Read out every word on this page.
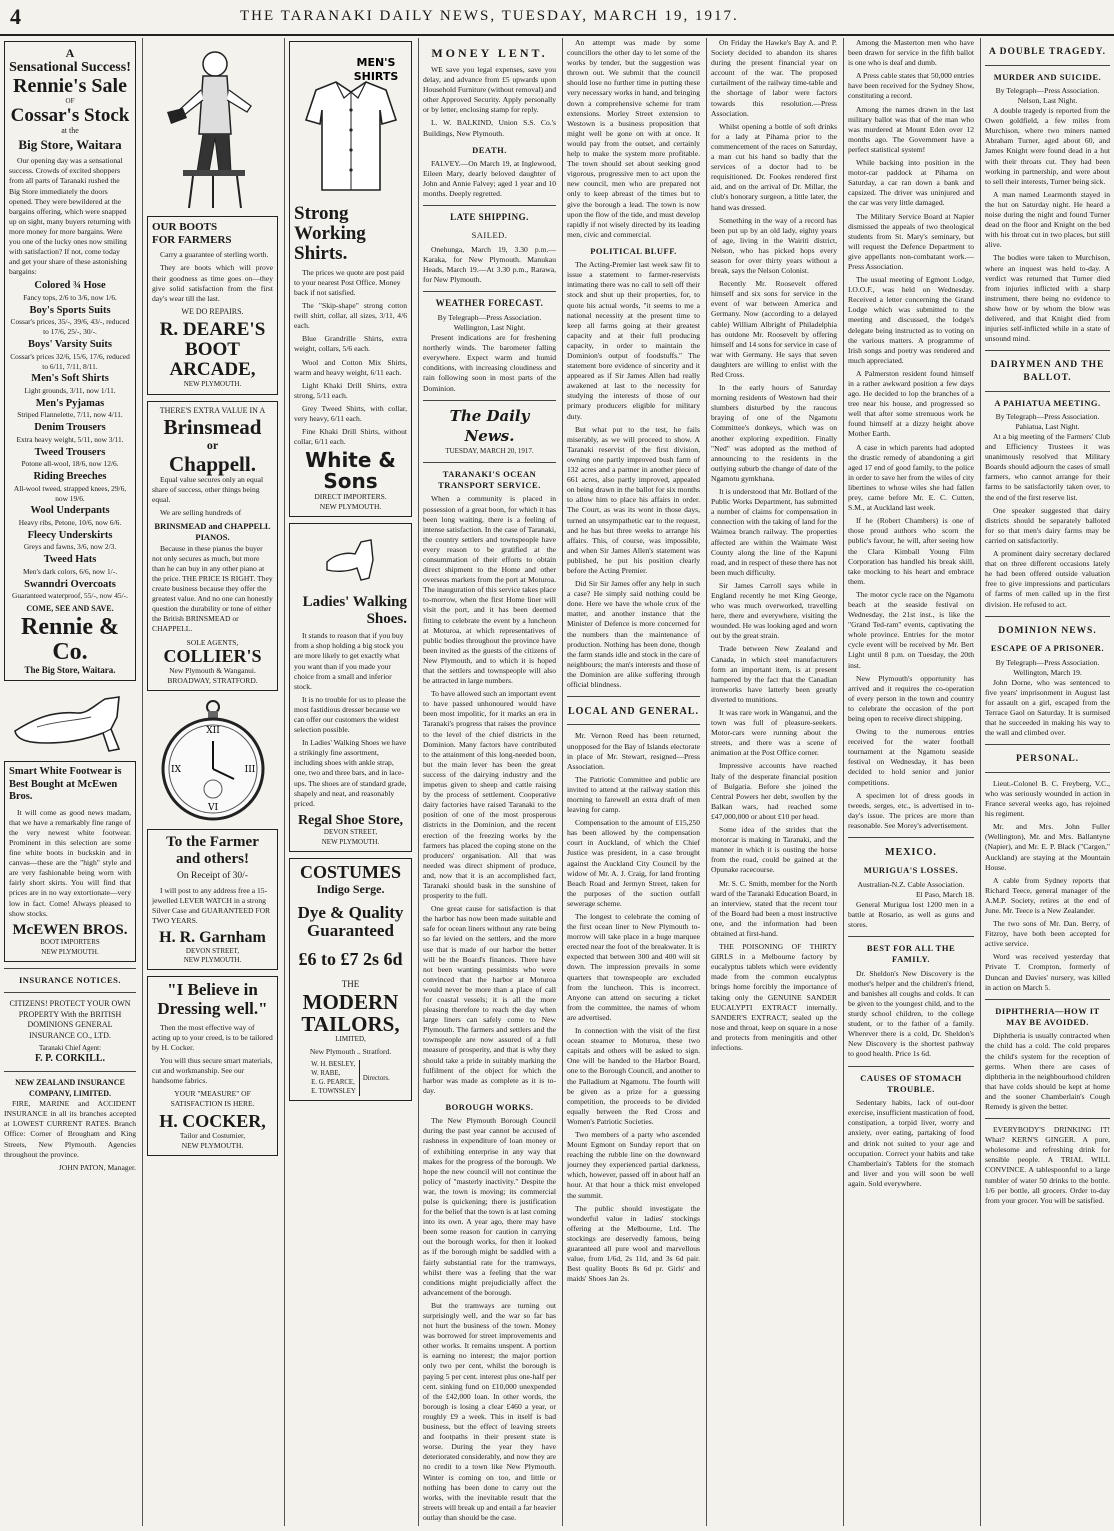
4	THE TARANAKI DAILY NEWS, TUESDAY, MARCH 19, 1917.
A
Sensational Success!
Rennie's Sale
OF
Cossar's Stock
at the
Big Store, Waitara

Our opening day was a sensational success. Crowds of excited shoppers from all parts of Taranaki rushed the Big Store immediately the doors opened. They were bewildered at the bargains offering, which were snapped up on sight, many buyers returning with more money for more bargains. Were you one of the lucky ones now smiling with satisfaction? If not, come today and get your share of these astonishing bargains:

Colored ¾ Hose
Fancy tops, 2/6 to 3/6, now 1/6.
Boy's Sports Suits
Cossar's prices, 35/-, 39/6, 43/-, reduced to 17/6, 25/-, 30/-.
Boys' Varsity Suits
Cossar's prices 32/6, 15/6, 17/6, reduced to 6/11, 7/11, 8/11.
Men's Soft Shirts
Light grounds, 3/11, now 1/11.
Men's Pyjamas
Striped Flannelette, 7/11, now 4/11.
Denim Trousers
Extra heavy weight, 5/11, now 3/11.
Tweed Trousers
Potone all-wool, 18/6, now 12/6.
Riding Breeches
All-wool tweed, strapped knees, 29/6, now 19/6.
Wool Underpants
Heavy ribs, Petone, 10/6, now 6/6.
Fleecy Underskirts
Greys and fawns, 3/6, now 2/3.
Tweed Hats
Men's dark colors, 6/6, now 1/-.
Swanndri Overcoats
Guaranteed waterproof, 55/-, now 45/-.
COME, SEE AND SAVE.
Rennie & Co.
The Big Store, Waitara.
Smart White Footwear is Best Bought at McEwen Bros.

It will come as good news madam, that we have a remarkably fine range of the very newest white footwear. Prominent in this selection are some fine white boots in buckskin and in canvas—these are the "high" style and are very fashionable being worn with fairly short skirts. You will find that prices are in no way extortionate—very low in fact. Come! Always pleased to show stocks.

McEWEN BROS.
BOOT IMPORTERS
NEW PLYMOUTH.
INSURANCE NOTICES.
CITIZENS! PROTECT YOUR OWN PROPERTY With the BRITISH DOMINIONS GENERAL INSURANCE CO., LTD.
Taranaki Chief Agent:
F. P. CORKILL.
NEW ZEALAND INSURANCE COMPANY, LIMITED.

FIRE, MARINE and ACCIDENT INSURANCE in all its branches accepted at LOWEST CURRENT RATES. Branch Office: Corner of Brougham and King Streets, New Plymouth. Agencies throughout the province.

JOHN PATON, Manager.
OUR BOOTS
FOR FARMERS

Carry a guarantee of sterling worth.

They are boots which will prove their goodness as time goes on—they give solid satisfaction from the first day's wear till the last.

WE DO REPAIRS.
R. DEARE'S
BOOT
ARCADE,
NEW PLYMOUTH.
THERE'S EXTRA VALUE IN A
Brinsmead
or
Chappell.

Equal value secures only an equal share of success, other things being equal.

We are selling hundreds of

BRINSMEAD and CHAPPELL PIANOS.

Because in these pianos the buyer not only secures as much, but more than he can buy in any other piano at the price. THE PRICE IS RIGHT. They create business because they offer the greatest value. And no one can honestly question the durability or tone of either the British BRINSMEAD or CHAPPELL.

SOLE AGENTS,
COLLIER'S
New Plymouth & Wanganui.
BROADWAY, STRATFORD.
XII
III
VI
IX
To the Farmer
and others!
On Receipt of 30/-

I will post to any address free a 15-jewelled LEVER WATCH in a strong Silver Case and GUARANTEED FOR TWO YEARS.

H. R. Garnham
DEVON STREET,
NEW PLYMOUTH.
"I Believe in Dressing well."

Then the most effective way of acting up to your creed, is to be tailored by H. Cocker.

You will thus secure smart materials, cut and workmanship. See our handsome fabrics.

YOUR "MEASURE" OF SATISFACTION IS HERE.
H. COCKER,
Tailor and Costumier,
NEW PLYMOUTH.
MEN'S
SHIRTS
Strong Working Shirts.

The prices we quote are post paid to your nearest Post Office. Money back if not satisfied.

The "Skip-shape" strong cotton twill shirt, collar, all sizes, 3/11, 4/6 each.

Blue Grandrille Shirts, extra weight, collars, 5/6 each.

Wool and Cotton Mix Shirts, warm and heavy weight, 6/11 each.

Light Khaki Drill Shirts, extra strong, 5/11 each.

Grey Tweed Shirts, with collar, very heavy, 6/11 each.

Fine Khaki Drill Shirts, without collar, 6/11 each.

White & Sons
DIRECT IMPORTERS.
NEW PLYMOUTH.
Ladies' Walking Shoes.

It stands to reason that if you buy from a shop holding a big stock you are more likely to get exactly what you want than if you made your choice from a small and inferior stock.

It is no trouble for us to please the most fastidious dresser because we can offer our customers the widest selection possible.

In Ladies' Walking Shoes we have a strikingly fine assortment, including shoes with ankle strap, one, two and three bars, and in lace-ups. The shoes are of standard grade, shapely and neat, and reasonably priced.

Regal Shoe Store,
DEVON STREET,
NEW PLYMOUTH.
COSTUMES
Indigo Serge.
Dye & Quality
Guaranteed
£6 to £7 2s 6d
THE
MODERN
TAILORS,
LIMITED,
New Plymouth .. Stratford.
W. H. BESLEY,
W. RABE,
E. G. PEARCE,
E. TOWNSLEY
Directors.
MONEY LENT.

WE save you legal expenses, save you delay, and advance from £5 upwards upon Household Furniture (without removal) and other Approved Security. Apply personally or by letter, enclosing stamp for reply.

L. W. BALKIND, Union S.S. Co.'s Buildings, New Plymouth.

DEATH.

FALVEY.—On March 19, at Inglewood, Eileen Mary, dearly beloved daughter of John and Annie Falvey; aged 1 year and 10 months. Deeply regretted.

LATE SHIPPING.
SAILED.

Onehunga, March 19, 3.30 p.m.—Karaka, for New Plymouth. Manukau Heads, March 19.—At 3.30 p.m., Rarawa, for New Plymouth.

WEATHER FORECAST.
By Telegraph—Press Association. Wellington, Last Night.

Present indications are for freshening northerly winds. The barometer falling everywhere. Expect warm and humid conditions, with increasing cloudiness and rain following soon in most parts of the Dominion.

The Daily News.
TUESDAY, MARCH 20, 1917.
TARANAKI'S OCEAN TRANSPORT SERVICE.

When a community is placed in possession of a great boon, for which it has been long waiting, there is a feeling of intense satisfaction. In the case of Taranaki, the country settlers and townspeople have every reason to be gratified at the consummation of their efforts to obtain direct shipment to the Home and other overseas markets from the port at Moturoa. The inauguration of this service takes place to-morrow, when the first Home liner will visit the port, and it has been deemed fitting to celebrate the event by a luncheon at Moturoa, at which representatives of public bodies throughout the province have been invited as the guests of the citizens of New Plymouth, and to which it is hoped that the settlers and townspeople will also be attracted in large numbers.

To have allowed such an important event to have passed unhonoured would have been most impolitic, for it marks an era in Taranaki's progress that raises the province to the level of the chief districts in the Dominion. Many factors have contributed to the attainment of this long-needed boon, but the main lever has been the great success of the dairying industry and the impetus given to sheep and cattle raising by the process of settlement. Cooperative dairy factories have raised Taranaki to the position of one of the most prosperous districts in the Dominion, and the recent erection of the freezing works by the farmers has placed the coping stone on the producers' organisation. All that was needed was direct shipment of produce, and, now that it is an accomplished fact, Taranaki should bask in the sunshine of prosperity to the full.

One great cause for satisfaction is that the harbor has now been made suitable and safe for ocean liners without any rate being so far levied on the settlers, and the more use that is made of our harbor the better will be the Board's finances. There have not been wanting pessimists who were convinced that the harbor at Moturoa would never be more than a place of call for coastal vessels; it is all the more pleasing therefore to reach the day when large liners can safely come to New Plymouth. The farmers and settlers and the townspeople are now assured of a full measure of prosperity, and that is why they should take a pride in suitably marking the fulfilment of the object for which the harbor was made as complete as it is to-day.

BOROUGH WORKS.

The New Plymouth Borough Council during the past year cannot be accused of rashness in expenditure of loan money or of exhibiting enterprise in any way that makes for the progress of the borough. We hope the new council will not continue the policy of "masterly inactivity." Despite the war, the town is moving; its commercial pulse is quickening; there is justification for the belief that the town is at last coming into its own. A year ago, there may have been some reason for caution in carrying out the borough works, for then it looked as if the borough might be saddled with a fairly substantial rate for the tramways, whilst there was a feeling that the war conditions might prejudicially affect the advancement of the borough.

But the tramways are turning out surprisingly well, and the war so far has not hurt the business of the town. Money was borrowed for street improvements and other works. It remains unspent. A portion is earning no interest; the major portion only two per cent, whilst the borough is paying 5 per cent. interest plus one-half per cent. sinking fund on £10,000 unexpended of the £42,000 loan. In other words, the borough is losing a clear £460 a year, or roughly £9 a week. This in itself is bad business, but the effect of leaving streets and footpaths in their present state is worse. During the year they have deteriorated considerably, and now they are no credit to a town like New Plymouth. Winter is coming on too, and little or nothing has been done to carry out the works, with the inevitable result that the streets will break up and entail a far heavier outlay than should be the case.

An attempt was made by some councillors the other day to let some of the works by tender, but the suggestion was thrown out. We submit that the council should lose no further time in putting these very necessary works in hand, and bringing down a comprehensive scheme for tram extensions. Morley Street extension to Westown is a business proposition that might well be gone on with at once. It would pay from the outset, and certainly help to make the system more profitable. The town should set about seeking good vigorous, progressive men to act upon the new council, men who are prepared not only to keep abreast of the times but to give the borough a lead. The town is now upon the flow of the tide, and must develop rapidly if not wisely directed by its leading men, civic and commercial.

POLITICAL BLUFF.

The Acting-Premier last week saw fit to issue a statement to farmer-reservists intimating there was no call to sell off their stock and shut up their properties, for, to quote his actual words, "it seems to me a national necessity at the present time to keep all farms going at their greatest capacity and at their full producing capacity, in order to maintain the Dominion's output of foodstuffs." The statement bore evidence of sincerity and it appeared as if Sir James Allen had really awakened at last to the necessity for studying the interests of those of our primary producers eligible for military duty.

But what put to the test, he fails miserably, as we will proceed to show. A Taranaki reservist of the first division, owning one partly improved bush farm of 132 acres and a partner in another piece of 661 acres, also partly improved, appealed on being drawn in the ballot for six months to allow him to place his affairs in order. The Court, as was its wont in those days, turned an unsympathetic ear to the request, and he has but three weeks to arrange his affairs. This, of course, was impossible, and when Sir James Allen's statement was published, he put his position clearly before the Acting Premier.

Did Sir Sir James offer any help in such a case? He simply said nothing could be done. Here we have the whole crux of the matter, and another instance that the Minister of Defence is more concerned for the numbers than the maintenance of production. Nothing has been done, though the farm stands idle and stock in the care of neighbours; the man's interests and those of the Dominion are alike suffering through official blindness.

LOCAL AND GENERAL.

Mr. Vernon Reed has been returned, unopposed for the Bay of Islands electorate in place of Mr. Stewart, resigned—Press Association.

The Patriotic Committee and public are invited to attend at the railway station this morning to farewell an extra draft of men leaving for camp.

Compensation to the amount of £15,250 has been allowed by the compensation court in Auckland, of which the Chief Justice was president, in a case brought against the Auckland City Council by the widow of Mr. A. J. Craig, for land fronting Beach Road and Jermyn Street, taken for the purposes of the suction outfall sewerage scheme.

The longest to celebrate the coming of the first ocean liner to New Plymouth to-morrow will take place in a huge marquee erected near the foot of the breakwater. It is expected that between 300 and 400 will sit down. The impression prevails in some quarters that townspeople are excluded from the luncheon. This is incorrect. Anyone can attend on securing a ticket from the committee, the names of whom are advertised.

In connection with the visit of the first ocean steamer to Moturoa, these two capitals and others will be asked to sign. One will be handed to the Harbor Board, one to the Borough Council, and another to the Palladium at Ngamotu. The fourth will be given as a prize for a guessing competition, the proceeds to be divided equally between the Red Cross and Women's Patriotic Societies.

Two members of a party who ascended Mount Egmont on Sunday report that on reaching the rubble line on the downward journey they experienced partial darkness, which, however, passed off in about half an hour. At that hour a thick mist enveloped the summit.

The public should investigate the wonderful value in ladies' stockings offering at the Melbourne, Ltd. The stockings are deservedly famous, being guaranteed all pure wool and marvellous value, from 1/6d, 2s 11d, and 3s 6d pair. Best quality Boots 8s 6d pr. Girls' and maids' Shoes Jan 2s.

On Friday the Hawke's Bay A. and P. Society decided to abandon its shares during the present financial year on account of the war. The proposed curtailment of the railway time-table and the shortage of labor were factors towards this resolution.—Press Association.

Whilst opening a bottle of soft drinks for a lady at Pihama prior to the commencement of the races on Saturday, a man cut his hand so badly that the services of a doctor had to be requisitioned. Dr. Fookes rendered first aid, and on the arrival of Dr. Millar, the club's honorary surgeon, a little later, the hand was dressed.

Something in the way of a record has been put up by an old lady, eighty years of age, living in the Wairiti district, Nelson, who has picked hops every season for over thirty years without a break, says the Nelson Colonist.

Recently Mr. Roosevelt offered himself and six sons for service in the event of war between America and Germany. Now (according to a delayed cable) William Albright of Philadelphia has outdone Mr. Roosevelt by offering himself and 14 sons for service in case of war with Germany. He says that seven daughters are willing to enlist with the Red Cross.

In the early hours of Saturday morning residents of Westown had their slumbers disturbed by the raucous braying of one of the Ngamotu Committee's donkeys, which was on another exploring expedition. Finally "Ned" was adopted as the method of announcing to the residents in the outlying suburb the change of date of the Ngamotu gymkhana.

It is understood that Mr. Bollard of the Public Works Department, has submitted a number of claims for compensation in connection with the taking of land for the Waimea branch railway. The properties affected are within the Waimate West County along the line of the Kapuni road, and in respect of these there has not been much difficulty.

Sir James Carroll says while in England recently he met King George, who was much overworked, travelling here, there and everywhere, visiting the wounded. He was looking aged and worn out by the great strain.

Trade between New Zealand and Canada, in which steel manufacturers form an important item, is at present hampered by the fact that the Canadian ironworks have latterly been greatly diverted to munitions.

It was rare work in Wanganui, and the town was full of pleasure-seekers. Motor-cars were running about the streets, and there was a scene of animation at the Post Office corner.

Impressive accounts have reached Italy of the desperate financial position of Bulgaria. Before she joined the Central Powers her debt, swollen by the Balkan wars, had reached some £47,000,000 or about £10 per head.

Some idea of the strides that the motorcar is making in Taranaki, and the manner in which it is ousting the horse from the road, could be gained at the Opunake racecourse.

Mr. S. C. Smith, member for the North ward of the Taranaki Education Board, in an interview, stated that the recent tour of the Board had been a most instructive one, and the information had been obtained at first-hand.

THE POISONING OF THIRTY GIRLS in a Melbourne factory by eucalyptus tablets which were evidently made from the common eucalyptus brings home forcibly the importance of taking only the GENUINE SANDER EUCALYPTI EXTRACT internally. SANDER'S EXTRACT, sealed up the nose and throat, keep on square in a nose and protects from meningitis and other infections.

Among the Masterton men who have been drawn for service in the fifth ballot is one who is deaf and dumb.

A Press cable states that 50,000 entries have been received for the Sydney Show, constituting a record.

Among the names drawn in the last military ballot was that of the man who was murdered at Mount Eden over 12 months ago. The Government have a perfect statistical system!

While backing into position in the motor-car paddock at Pihama on Saturday, a car ran down a bank and capsized. The driver was uninjured and the car was very little damaged.

The Military Service Board at Napier dismissed the appeals of two theological students from St. Mary's seminary, but will request the Defence Department to give appellants non-combatant work.—Press Association.

The usual meeting of Egmont Lodge, I.O.O.F., was held on Wednesday. Received a letter concerning the Grand Lodge which was submitted to the meeting and discussed, the lodge's delegate being instructed as to voting on the various matters. A programme of Irish songs and poetry was rendered and much appreciated.

A Palmerston resident found himself in a rather awkward position a few days ago. He decided to lop the branches of a tree near his house, and progressed so well that after some strenuous work he found himself at a dizzy height above Mother Earth.

A case in which parents had adopted the drastic remedy of abandoning a girl aged 17 end of good family, to the police in order to save her from the wiles of city libertines to whose wiles she had fallen prey, came before Mr. E. C. Cutten, S.M., at Auckland last week.

If he (Robert Chambers) is one of those proud authors who scorn the public's favour, he will, after seeing how the Clara Kimball Young Film Corporation has handled his break skill, take mocking to his heart and embrace them.

The motor cycle race on the Ngamotu beach at the seaside festival on Wednesday, the 21st inst., is like the "Grand Ted-ram" events, captivating the whole province. Entries for the motor cycle event will be received by Mr. Bert Light until 8 p.m. on Tuesday, the 20th inst.

New Plymouth's opportunity has arrived and it requires the co-operation of every person in the town and country to celebrate the occasion of the port being open to receive direct shipping.

Owing to the numerous entries received for the water football tournament at the Ngamotu seaside festival on Wednesday, it has been decided to hold senior and junior competitions.

A specimen lot of dress goods in tweeds, serges, etc., is advertised in to-day's issue. The prices are more than reasonable. See Morey's advertisement.

MEXICO.
MURIGUA'S LOSSES.
Australian-N.Z. Cable Association.
El Paso, March 18.

General Murigua lost 1200 men in a battle at Rosario, as well as guns and stores.

BEST FOR ALL THE FAMILY.

Dr. Sheldon's New Discovery is the mother's helper and the children's friend, and banishes all coughs and colds. It can be given to the youngest child, and to the sturdy school children, to the college student, or to the father of a family. Wherever there is a cold, Dr. Sheldon's New Discovery is the shortest pathway to good health. Price 1s 6d.

CAUSES OF STOMACH TROUBLE.

Sedentary habits, lack of out-door exercise, insufficient mastication of food, constipation, a torpid liver, worry and anxiety, over eating, partaking of food and drink not suited to your age and occupation. Correct your habits and take Chamberlain's Tablets for the stomach and liver and you will soon be well again. Sold everywhere.

A DOUBLE TRAGEDY.
MURDER AND SUICIDE.
By Telegraph—Press Association. Nelson, Last Night.

A double tragedy is reported from the Owen goldfield, a few miles from Murchison, where two miners named Abraham Turner, aged about 60, and James Knight were found dead in a hut with their throats cut. They had been working in partnership, and were about to sell their interests, Turner being sick.

A man named Learmonth stayed in the hut on Saturday night. He heard a noise during the night and found Turner dead on the floor and Knight on the bed with his throat cut in two places, but still alive.

The bodies were taken to Murchison, where an inquest was held to-day. A verdict was returned that Turner died from injuries inflicted with a sharp instrument, there being no evidence to show how or by whom the blow was delivered, and that Knight died from injuries self-inflicted while in a state of unsound mind.

DAIRYMEN AND THE BALLOT.
A PAHIATUA MEETING.
By Telegraph—Press Association. Pahiatua, Last Night.

At a big meeting of the Farmers' Club and Efficiency Trustees it was unanimously resolved that Military Boards should adjourn the cases of small farmers, who cannot arrange for their farms to be satisfactorily taken over, to the end of the first reserve list.

One speaker suggested that dairy districts should be separately balloted for so that men's dairy farms may be carried on satisfactorily.

A prominent dairy secretary declared that on three different occasions lately he had been offered outside valuation free to give impressions and particulars of farms of men called up in the first division. He refused to act.

DOMINION NEWS.
ESCAPE OF A PRISONER.
By Telegraph—Press Association. Wellington, March 19.

John Dorne, who was sentenced to five years' imprisonment in August last for assault on a girl, escaped from the Terrace Gaol on Saturday. It is surmised that he succeeded in making his way to the wall and climbed over.

PERSONAL.

Lieut.-Colonel B. C. Freyberg, V.C., who was seriously wounded in action in France several weeks ago, has rejoined his regiment.

Mr. and Mrs. John Fuller (Wellington), Mr. and Mrs. Ballantyne (Napier), and Mr. E. P. Black ("Cargen," Auckland) are staying at the Mountain House.

A cable from Sydney reports that Richard Teece, general manager of the A.M.P. Society, retires at the end of June. Mr. Teece is a New Zealander.

The two sons of Mr. Dan. Berry, of Fitzroy, have both been accepted for active service.

Word was received yesterday that Private T. Crompton, formerly of Duncan and Davies' nursery, was killed in action on March 5.

DIPHTHERIA—HOW IT MAY BE AVOIDED.

Diphtheria is usually contracted when the child has a cold. The cold prepares the child's system for the reception of germs. When there are cases of diphtheria in the neighbourhood children that have colds should be kept at home and the sooner Chamberlain's Cough Remedy is given the better.

EVERYBODY'S DRINKING IT! What? KERN'S GINGER. A pure, wholesome and refreshing drink for sensible people. A TRIAL WILL CONVINCE. A tablespoonful to a large tumbler of water 50 drinks to the bottle. 1/6 per bottle, all grocers. Order to-day from your grocer. You will be satisfied.
